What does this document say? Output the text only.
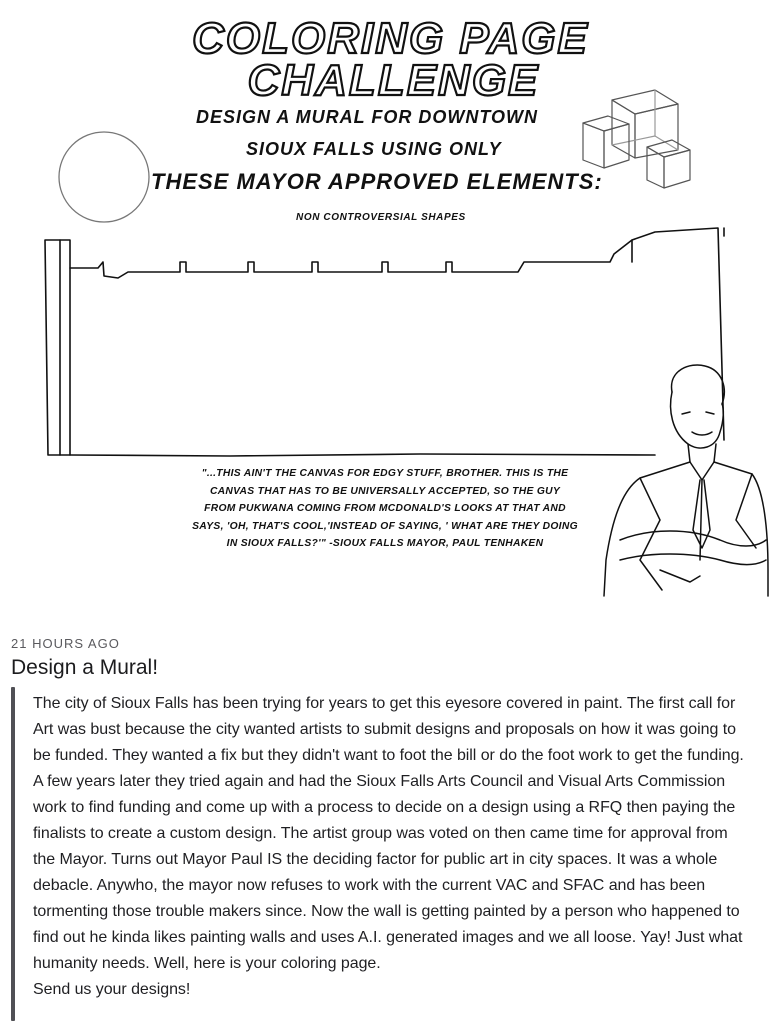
COLORING PAGE
CHALLENGE
DESIGN A MURAL FOR DOWNTOWN
SIOUX FALLS USING ONLY
THESE MAYOR APPROVED ELEMENTS:
NON CONTROVERSIAL SHAPES
"...THIS AIN'T THE CANVAS FOR EDGY STUFF, BROTHER. THIS IS THE
CANVAS THAT HAS TO BE UNIVERSALLY ACCEPTED, SO THE GUY
FROM PUKWANA COMING FROM MCDONALD'S LOOKS AT THAT AND
SAYS, 'OH, THAT'S COOL,'INSTEAD OF SAYING, ' WHAT ARE THEY DOING
IN SIOUX FALLS?'" -SIOUX FALLS MAYOR, PAUL TENHAKEN
21 HOURS AGO
Design a Mural!

The city of Sioux Falls has been trying for years to get this eyesore covered in paint. The first call for Art was bust because the city wanted artists to submit designs and proposals on how it was going to be funded. They wanted a fix but they didn't want to foot the bill or do the foot work to get the funding. A few years later they tried again and had the Sioux Falls Arts Council and Visual Arts Commission work to find funding and come up with a process to decide on a design using a RFQ then paying the finalists to create a custom design. The artist group was voted on then came time for approval from the Mayor. Turns out Mayor Paul IS the deciding factor for public art in city spaces. It was a whole debacle. Anywho, the mayor now refuses to work with the current VAC and SFAC and has been tormenting those trouble makers since. Now the wall is getting painted by a person who happened to find out he kinda likes painting walls and uses A.I. generated images and we all loose. Yay! Just what humanity needs. Well, here is your coloring page.

Send us your designs!
